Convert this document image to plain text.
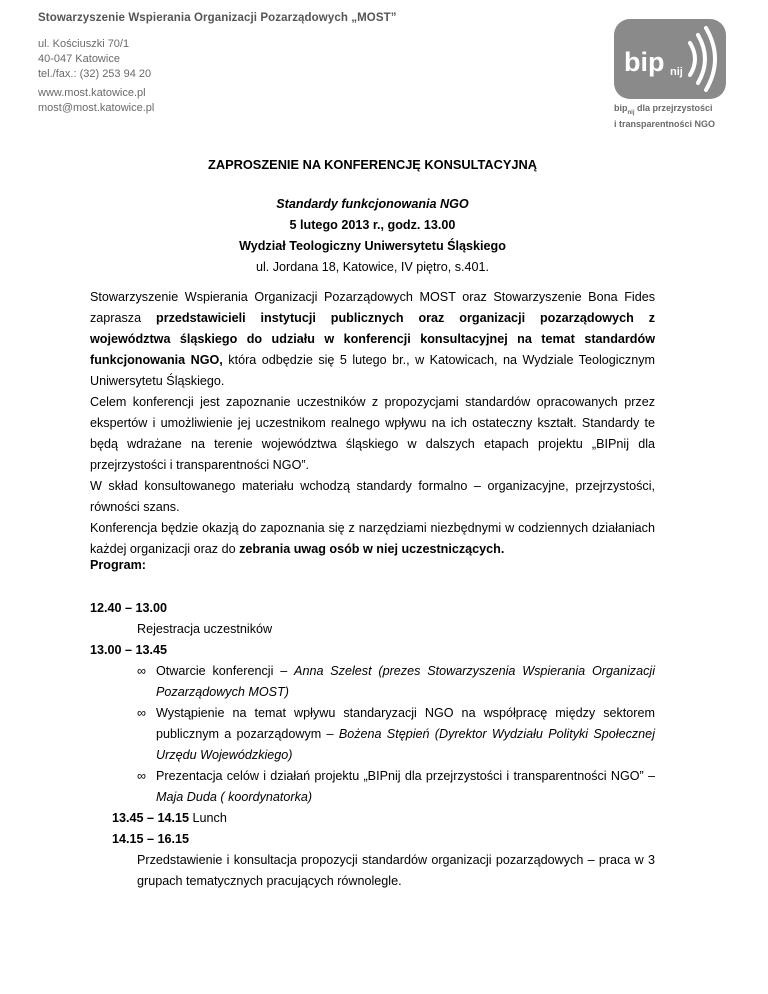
Stowarzyszenie Wspierania Organizacji Pozarządowych „MOST”
ul. Kościuszki 70/1
40-047 Katowice
tel./fax.: (32) 253 94 20
www.most.katowice.pl
most@most.katowice.pl
bip nij
bip$_{nij}$ dla przejrzystości
i transparentności NGO
ZAPROSZENIE NA KONFERENCJĘ KONSULTACYJNĄ
Standardy funkcjonowania NGO
5 lutego 2013 r., godz. 13.00
Wydział Teologiczny Uniwersytetu Śląskiego
ul. Jordana 18, Katowice, IV piętro, s.401.

Stowarzyszenie Wspierania Organizacji Pozarządowych MOST oraz Stowarzyszenie Bona Fides zaprasza przedstawicieli instytucji publicznych oraz organizacji pozarządowych z województwa śląskiego do udziału w konferencji konsultacyjnej na temat standardów funkcjonowania NGO, która odbędzie się 5 lutego br., w Katowicach, na Wydziale Teologicznym Uniwersytetu Śląskiego.

Celem konferencji jest zapoznanie uczestników z propozycjami standardów opracowanych przez ekspertów i umożliwienie jej uczestnikom realnego wpływu na ich ostateczny kształt. Standardy te będą wdrażane na terenie województwa śląskiego w dalszych etapach projektu „BIPnij dla przejrzystości i transparentności NGO”.

W skład konsultowanego materiału wchodzą standardy formalno – organizacyjne, przejrzystości, równości szans.

Konferencja będzie okazją do zapoznania się z narzędziami niezbędnymi w codziennych działaniach każdej organizacji oraz do zebrania uwag osób w niej uczestniczących.

Program:
12.40 – 13.00
Rejestracja uczestników
13.00 – 13.45
∞ Otwarcie konferencji – Anna Szelest (prezes Stowarzyszenia Wspierania Organizacji Pozarządowych MOST)
∞ Wystąpienie na temat wpływu standaryzacji NGO na współpracę między sektorem publicznym a pozarządowym – Bożena Stępień (Dyrektor Wydziału Polityki Społecznej Urzędu Wojewódzkiego)
∞ Prezentacja celów i działań projektu „BIPnij dla przejrzystości i transparentności NGO” – Maja Duda ( koordynatorka)
13.45 – 14.15 Lunch
14.15 – 16.15
Przedstawienie i konsultacja propozycji standardów organizacji pozarządowych – praca w 3 grupach tematycznych pracujących równolegle.
